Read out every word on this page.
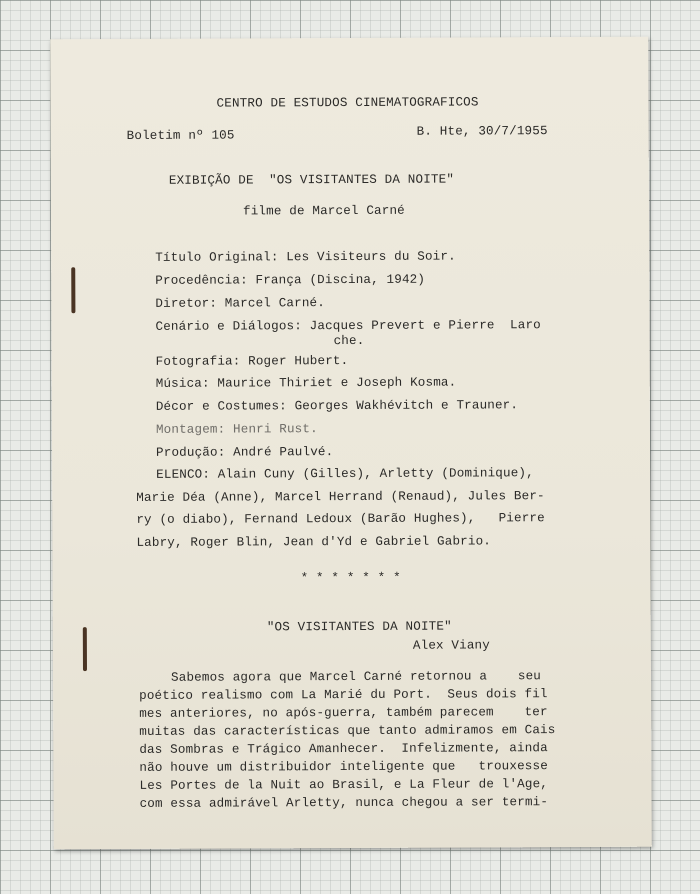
CENTRO DE ESTUDOS CINEMATOGRAFICOS
Boletim nº 105	B. Hte, 30/7/1955
EXIBIÇÃO DE  "OS VISITANTES DA NOITE"
filme de Marcel Carné
Título Original: Les Visiteurs du Soir.
Procedência: França (Discina, 1942)
Diretor: Marcel Carné.
Cenário e Diálogos: Jacques Prevert e Pierre  Laro
che.
Fotografia: Roger Hubert.
Música: Maurice Thiriet e Joseph Kosma.
Décor e Costumes: Georges Wakhévitch e Trauner.
Montagem: Henri Rust.
Produção: André Paulvé.
ELENCO: Alain Cuny (Gilles), Arletty (Dominique),
Marie Déa (Anne), Marcel Herrand (Renaud), Jules Ber-
ry (o diabo), Fernand Ledoux (Barão Hughes),   Pierre
Labry, Roger Blin, Jean d'Yd e Gabriel Gabrio.
* * * * * * *
"OS VISITANTES DA NOITE"
Alex Viany
Sabemos agora que Marcel Carné retornou a    seu
poético realismo com La Marié du Port.  Seus dois fil
mes anteriores, no após-guerra, também parecem    ter
muitas das características que tanto admiramos em Cais
das Sombras e Trágico Amanhecer.  Infelizmente, ainda
não houve um distribuidor inteligente que   trouxesse
Les Portes de la Nuit ao Brasil, e La Fleur de l'Age,
com essa admirável Arletty, nunca chegou a ser termi-
